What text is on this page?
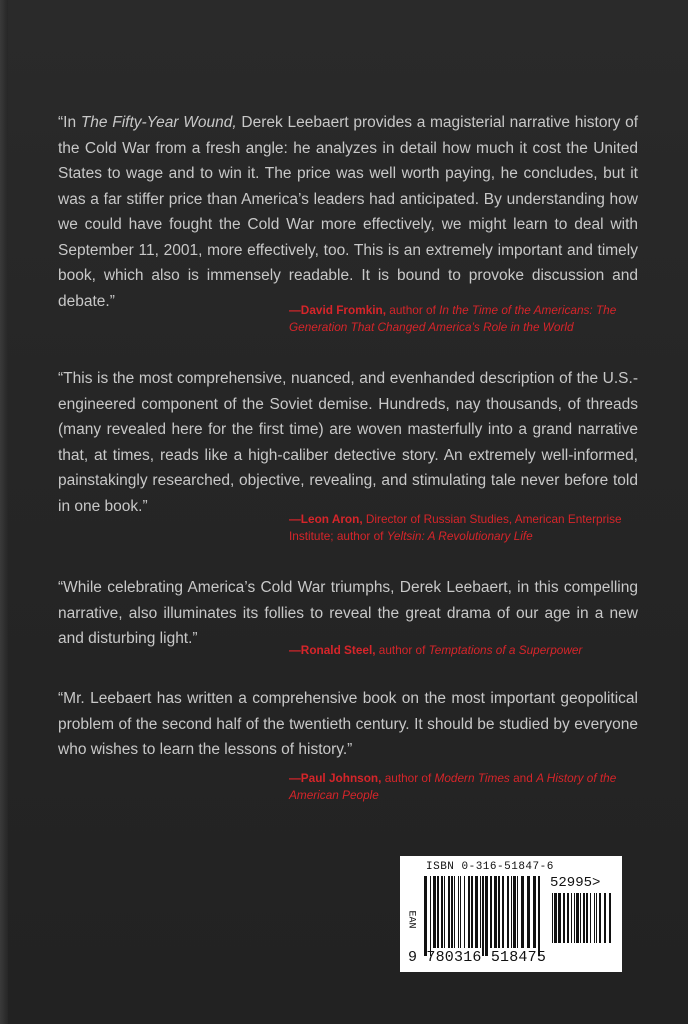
“In The Fifty-Year Wound, Derek Leebaert provides a magisterial narrative history of the Cold War from a fresh angle: he analyzes in detail how much it cost the United States to wage and to win it. The price was well worth paying, he concludes, but it was a far stiffer price than America’s leaders had anticipated. By understanding how we could have fought the Cold War more effectively, we might learn to deal with September 11, 2001, more effectively, too. This is an extremely important and timely book, which also is immensely readable. It is bound to provoke discussion and debate.”

—David Fromkin, author of In the Time of the Americans: The Generation That Changed America’s Role in the World

“This is the most comprehensive, nuanced, and evenhanded description of the U.S.-engineered component of the Soviet demise. Hundreds, nay thousands, of threads (many revealed here for the first time) are woven masterfully into a grand narrative that, at times, reads like a high-caliber detective story. An extremely well-informed, painstakingly researched, objective, revealing, and stimulating tale never before told in one book.”

—Leon Aron, Director of Russian Studies, American Enterprise Institute; author of Yeltsin: A Revolutionary Life

“While celebrating America’s Cold War triumphs, Derek Leebaert, in this compelling narrative, also illuminates its follies to reveal the great drama of our age in a new and disturbing light.”

—Ronald Steel, author of Temptations of a Superpower

“Mr. Leebaert has written a comprehensive book on the most important geopolitical problem of the second half of the twentieth century. It should be studied by everyone who wishes to learn the lessons of history.”

—Paul Johnson, author of Modern Times and A History of the American People

ISBN 0-316-51847-6
52995>
EAN
9 780316 518475
